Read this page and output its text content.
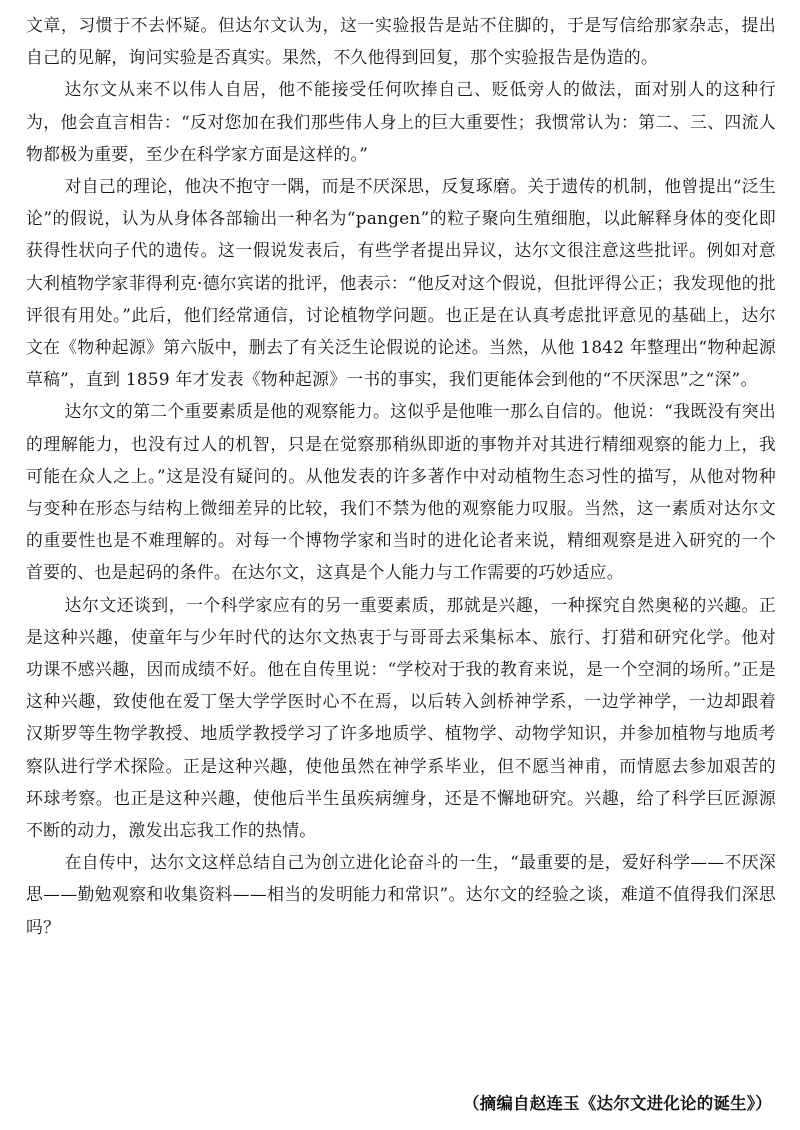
文章，习惯于不去怀疑。但达尔文认为，这一实验报告是站不住脚的，于是写信给那家杂志，提出自己的见解，询问实验是否真实。果然，不久他得到回复，那个实验报告是伪造的。

达尔文从来不以伟人自居，他不能接受任何吹捧自己、贬低旁人的做法，面对别人的这种行为，他会直言相告：“反对您加在我们那些伟人身上的巨大重要性；我惯常认为：第二、三、四流人物都极为重要，至少在科学家方面是这样的。”

对自己的理论，他决不抱守一隅，而是不厌深思，反复琢磨。关于遗传的机制，他曾提出“泛生论”的假说，认为从身体各部输出一种名为“pangen”的粒子聚向生殖细胞，以此解释身体的变化即获得性状向子代的遗传。这一假说发表后，有些学者提出异议，达尔文很注意这些批评。例如对意大利植物学家菲得利克·德尔宾诺的批评，他表示：“他反对这个假说，但批评得公正；我发现他的批评很有用处。”此后，他们经常通信，讨论植物学问题。也正是在认真考虑批评意见的基础上，达尔文在《物种起源》第六版中，删去了有关泛生论假说的论述。当然，从他 1842 年整理出“物种起源草稿”，直到 1859 年才发表《物种起源》一书的事实，我们更能体会到他的“不厌深思”之“深”。

达尔文的第二个重要素质是他的观察能力。这似乎是他唯一那么自信的。他说：“我既没有突出的理解能力，也没有过人的机智，只是在觉察那稍纵即逝的事物并对其进行精细观察的能力上，我可能在众人之上。”这是没有疑问的。从他发表的许多著作中对动植物生态习性的描写，从他对物种与变种在形态与结构上微细差异的比较，我们不禁为他的观察能力叹服。当然，这一素质对达尔文的重要性也是不难理解的。对每一个博物学家和当时的进化论者来说，精细观察是进入研究的一个首要的、也是起码的条件。在达尔文，这真是个人能力与工作需要的巧妙适应。

达尔文还谈到，一个科学家应有的另一重要素质，那就是兴趣，一种探究自然奥秘的兴趣。正是这种兴趣，使童年与少年时代的达尔文热衷于与哥哥去采集标本、旅行、打猎和研究化学。他对功课不感兴趣，因而成绩不好。他在自传里说：“学校对于我的教育来说，是一个空洞的场所。”正是这种兴趣，致使他在爱丁堡大学学医时心不在焉，以后转入剑桥神学系，一边学神学，一边却跟着汉斯罗等生物学教授、地质学教授学习了许多地质学、植物学、动物学知识，并参加植物与地质考察队进行学术探险。正是这种兴趣，使他虽然在神学系毕业，但不愿当神甫，而情愿去参加艰苦的环球考察。也正是这种兴趣，使他后半生虽疾病缠身，还是不懈地研究。兴趣，给了科学巨匠源源不断的动力，激发出忘我工作的热情。

在自传中，达尔文这样总结自己为创立进化论奋斗的一生，“最重要的是，爱好科学——不厌深思——勤勉观察和收集资料——相当的发明能力和常识”。达尔文的经验之谈，难道不值得我们深思吗？

（摘编自赵连玉《达尔文进化论的诞生》）
